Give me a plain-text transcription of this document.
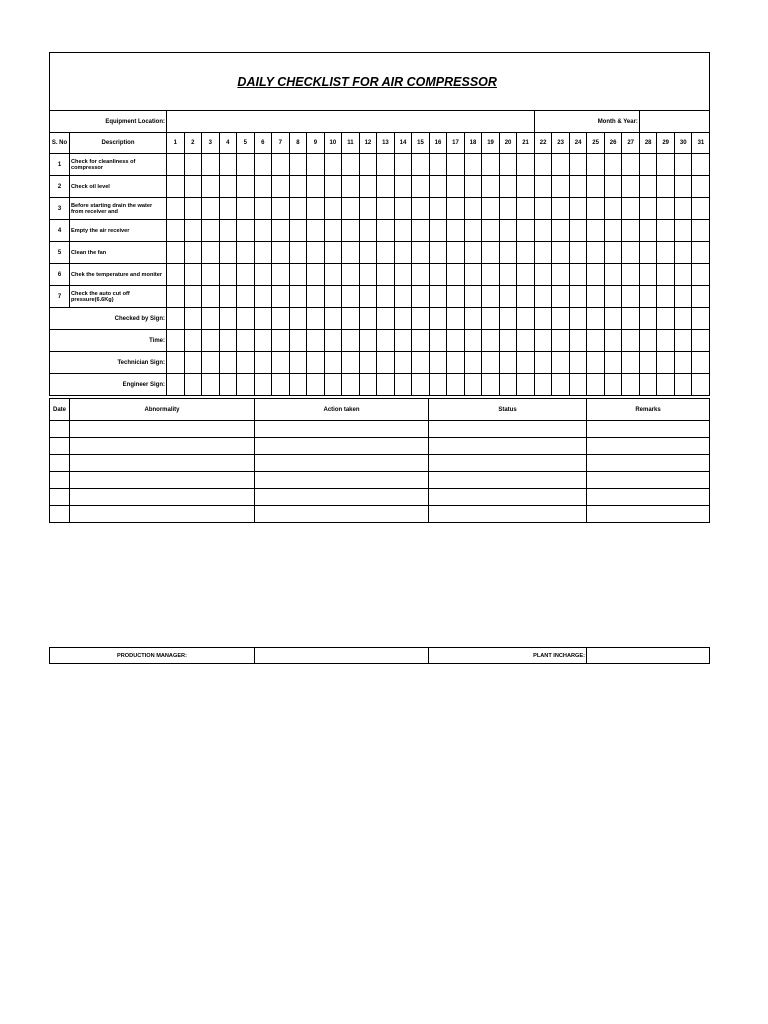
DAILY CHECKLIST FOR AIR COMPRESSOR																																
Equipment Location:																							Month & Year:									
S. No	Description	1	2	3	4	5	6	7	8	9	10	11	12	13	14	15	16	17	18	19	20	21	22	23	24	25	26	27	28	29	30	31
1	Check for cleanliness of compressor																															
2	Check oil level																															
3	Before starting drain the water from receiver and																															
4	Empty the air receiver																															
5	Clean the fan																															
6	Chek the temperature and moniter																															
7	Check the auto cut off pressure(6.6Kg)																															
Checked by Sign:																																
Time:																																
Technician Sign:																																
Engineer Sign:																																
Date	Abnormality	Action taken	Status	Remarks

PRODUCTION MANAGER:		PLANT INCHARGE:	
